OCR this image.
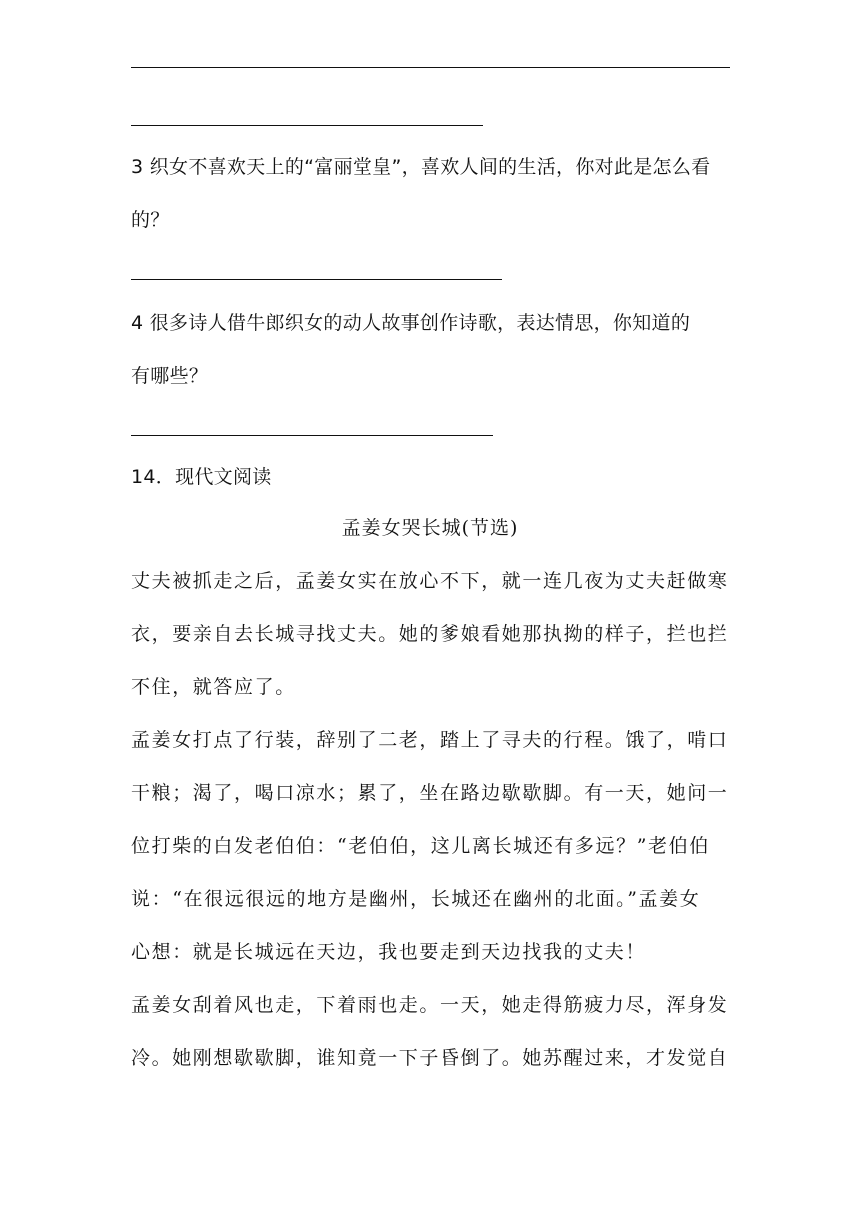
3 织女不喜欢天上的“富丽堂皇”，喜欢人间的生活，你对此是怎么看
的？
4 很多诗人借牛郎织女的动人故事创作诗歌，表达情思，你知道的
有哪些？
14．现代文阅读
孟姜女哭长城(节选)
丈夫被抓走之后，孟姜女实在放心不下，就一连几夜为丈夫赶做寒
衣，要亲自去长城寻找丈夫。她的爹娘看她那执拗的样子，拦也拦
不住，就答应了。
孟姜女打点了行装，辞别了二老，踏上了寻夫的行程。饿了，啃口
干粮；渴了，喝口凉水；累了，坐在路边歇歇脚。有一天，她问一
位打柴的白发老伯伯：“老伯伯，这儿离长城还有多远？”老伯伯
说：“在很远很远的地方是幽州，长城还在幽州的北面。”孟姜女
心想：就是长城远在天边，我也要走到天边找我的丈夫！
孟姜女刮着风也走，下着雨也走。一天，她走得筋疲力尽，浑身发
冷。她刚想歇歇脚，谁知竟一下子昏倒了。她苏醒过来，才发觉自
